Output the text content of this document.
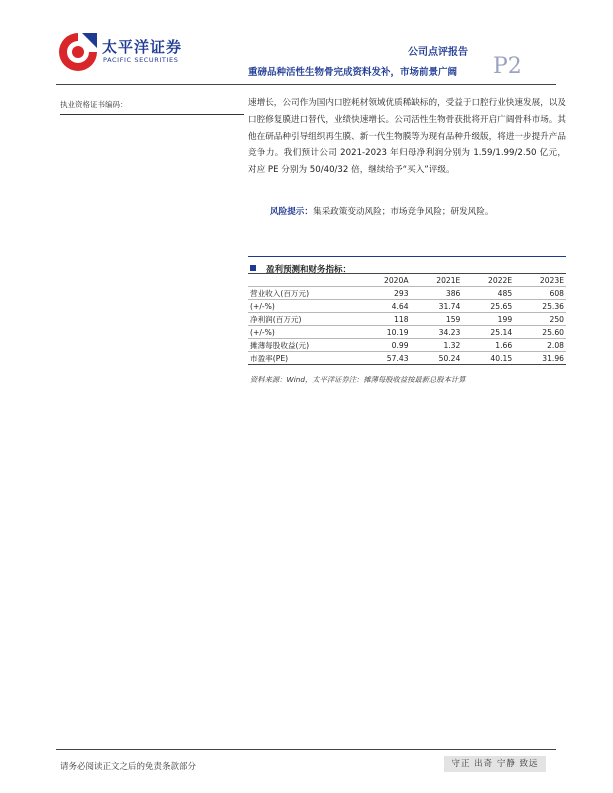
太平洋证券
PACIFIC SECURITIES
公司点评报告
重磅品种活性生物骨完成资料发补，市场前景广阔 P2
执业资格证书编码：	速增长，公司作为国内口腔耗材领域优质稀缺标的，受益于口腔行业快速发展，以及口腔修复膜进口替代，业绩快速增长。公司活性生物骨获批将开启广阔骨科市场。其他在研品种引导组织再生膜、新一代生物膜等为现有品种升级版，将进一步提升产品竞争力。我们预计公司 2021-2023 年归母净利润分别为 1.59/1.99/2.50 亿元，对应 PE 分别为 50/40/32 倍，继续给予“买入”评级。

风险提示：集采政策变动风险；市场竞争风险；研发风险。

盈利预测和财务指标：
	2020A	2021E	2022E	2023E
营业收入(百万元)	293	386	485	608
(+/-%)	4.64	31.74	25.65	25.36
净利润(百万元)	118	159	199	250
(+/-%)	10.19	34.23	25.14	25.60
摊薄每股收益(元)	0.99	1.32	1.66	2.08
市盈率(PE)	57.43	50.24	40.15	31.96
资料来源：Wind，太平洋证券注：摊薄每股收益按最新总股本计算
请务必阅读正文之后的免责条款部分	守正 出奇 宁静 致远
